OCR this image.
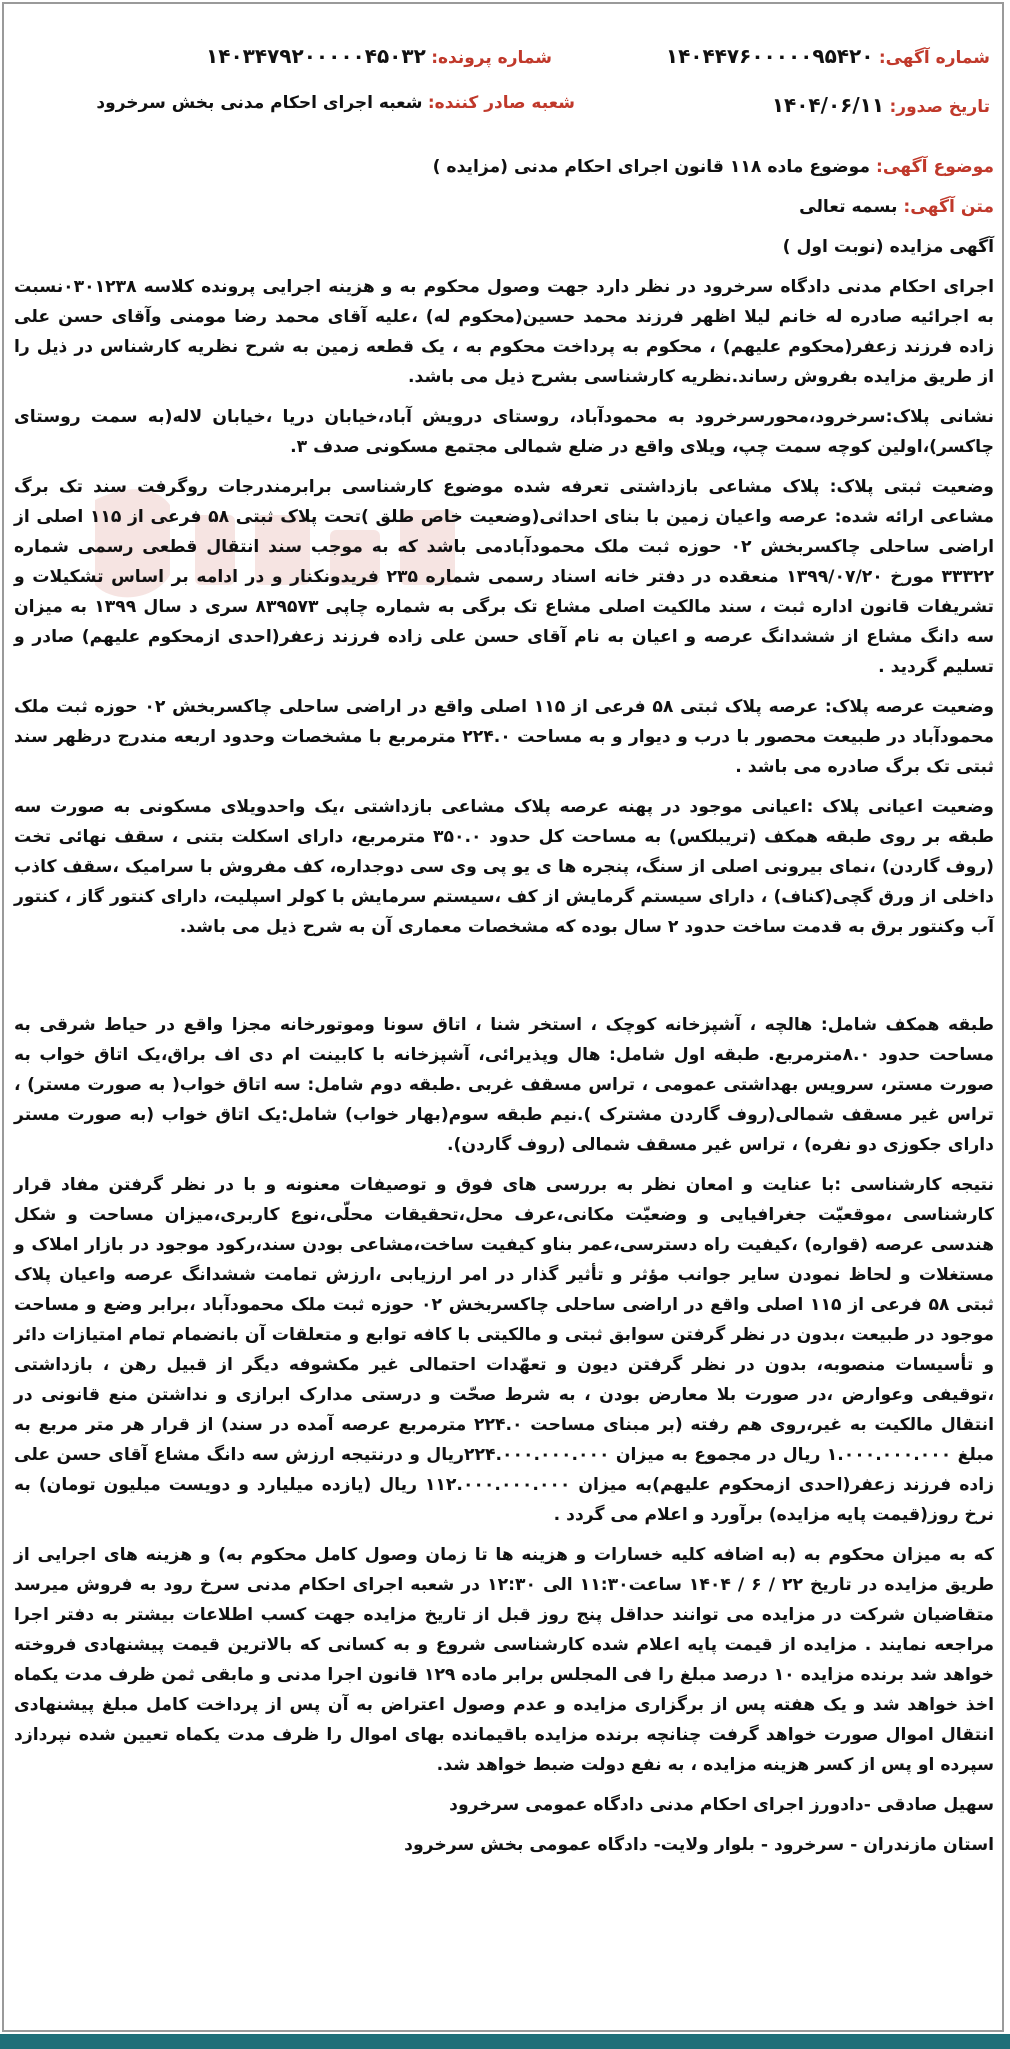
شماره آگهی: ۱۴۰۴۴۷۶۰۰۰۰۰۹۵۴۲۰
شماره پرونده: ۱۴۰۳۴۷۹۲۰۰۰۰۰۴۵۰۳۲
تاریخ صدور: ۱۴۰۴/۰۶/۱۱
شعبه صادر کننده: شعبه اجرای احکام مدنی بخش سرخرود

موضوع آگهی: موضوع ماده ۱۱۸ قانون اجرای احکام مدنی (مزایده )

متن آگهی: بسمه تعالی

آگهی مزایده (نوبت اول )

اجرای احکام مدنی دادگاه سرخرود در نظر دارد جهت وصول محکوم به و هزینه اجرایی پرونده کلاسه ۰۳۰۱۲۳۸نسبت به اجرائیه صادره له خانم لیلا اظهر فرزند محمد حسین(محکوم له) ،علیه آقای محمد رضا مومنی وآقای حسن علی زاده فرزند زعفر(محکوم علیهم) ، محکوم به پرداخت محکوم به ، یک قطعه زمین به شرح نظریه کارشناس در ذیل را از طریق مزایده بفروش رساند.نظریه کارشناسی بشرح ذیل می باشد.

نشانی پلاک:سرخرود،محورسرخرود به محمودآباد، روستای درویش آباد،خیابان دریا ،خیابان لاله(به سمت روستای چاکسر)،اولین کوچه سمت چپ، ویلای واقع در ضلع شمالی مجتمع مسکونی صدف ۳.

وضعیت ثبتی پلاک: پلاک مشاعی بازداشتی تعرفه شده موضوع کارشناسی برابرمندرجات روگرفت سند تک برگ مشاعی ارائه شده: عرصه واعیان زمین با بنای احداثی(وضعیت خاص طلق )تحت پلاک ثبتی ۵۸ فرعی از ۱۱۵ اصلی از اراضی ساحلی چاکسربخش ۰۲ حوزه ثبت ملک محمودآبادمی باشد که به موجب سند انتقال قطعی رسمی شماره ۳۳۳۲۲ مورخ ۱۳۹۹/۰۷/۲۰ منعقده در دفتر خانه اسناد رسمی شماره ۲۳۵ فریدونکنار و در ادامه بر اساس تشکیلات و تشریفات قانون اداره ثبت ، سند مالکیت اصلی مشاع تک برگی به شماره چاپی ۸۳۹۵۷۳ سری د سال ۱۳۹۹ به میزان سه دانگ مشاع از ششدانگ عرصه و اعیان به نام آقای حسن علی زاده فرزند زعفر(احدی ازمحکوم علیهم) صادر و تسلیم گردید .

وضعیت عرصه پلاک: عرصه پلاک ثبتی ۵۸ فرعی از ۱۱۵ اصلی واقع در اراضی ساحلی چاکسربخش ۰۲ حوزه ثبت ملک محمودآباد در طبیعت محصور با درب و دیوار و به مساحت ۲۲۴.۰ مترمربع با مشخصات وحدود اربعه مندرج درظهر سند ثبتی تک برگ صادره می باشد .

وضعیت اعیانی پلاک :اعیانی موجود در پهنه عرصه پلاک مشاعی بازداشتی ،یک واحدویلای مسکونی به صورت سه طبقه بر روی طبقه همکف (تریبلکس) به مساحت کل حدود ۳۵۰.۰ مترمربع، دارای اسکلت بتنی ، سقف نهائی تخت (روف گاردن) ،نمای بیرونی اصلی از سنگ، پنجره ها ی یو پی وی سی دوجداره، کف مفروش با سرامیک ،سقف کاذب داخلی از ورق گچی(کناف) ، دارای سیستم گرمایش از کف ،سیستم سرمایش با کولر اسپلیت، دارای کنتور گاز ، کنتور آب وکنتور برق به قدمت ساخت حدود ۲ سال بوده که مشخصات معماری آن به شرح ذیل می باشد.

طبقه همکف شامل: هالچه ، آشپزخانه کوچک ، استخر شنا ، اتاق سونا وموتورخانه مجزا واقع در حیاط شرقی به مساحت حدود ۸.۰مترمربع. طبقه اول شامل: هال وپذیرائی، آشپزخانه با کابینت ام دی اف براق،یک اتاق خواب به صورت مستر، سرویس بهداشتی عمومی ، تراس مسقف غربی .طبقه دوم شامل: سه اتاق خواب( به صورت مستر) ، تراس غیر مسقف شمالی(روف گاردن مشترک ).نیم طبقه سوم(بهار خواب) شامل:یک اتاق خواب (به صورت مستر دارای جکوزی دو نفره) ، تراس غیر مسقف شمالی (روف گاردن).

نتیجه کارشناسی :با عنایت و امعان نظر به بررسی های فوق و توصیفات معنونه و با در نظر گرفتن مفاد قرار کارشناسی ،موقعیّت جغرافیایی و وضعیّت مکانی،عرف محل،تحقیقات محلّی،نوع کاربری،میزان مساحت و شکل هندسی عرصه (قواره) ،کیفیت راه دسترسی،عمر بناو کیفیت ساخت،مشاعی بودن سند،رکود موجود در بازار املاک و مستغلات و لحاظ نمودن سایر جوانب مؤثر و تأثیر گذار در امر ارزیابی ،ارزش تمامت ششدانگ عرصه واعیان پلاک ثبتی ۵۸ فرعی از ۱۱۵ اصلی واقع در اراضی ساحلی چاکسربخش ۰۲ حوزه ثبت ملک محمودآباد ،برابر وضع و مساحت موجود در طبیعت ،بدون در نظر گرفتن سوابق ثبتی و مالکیتی با کافه توابع و متعلقات آن بانضمام تمام امتیازات دائر و تأسیسات منصوبه، بدون در نظر گرفتن دیون و تعهّدات احتمالی غیر مکشوفه دیگر از قبیل رهن ، بازداشتی ،توقیفی وعوارض ،در صورت بلا معارض بودن ، به شرط صحّت و درستی مدارک ابرازی و نداشتن منع قانونی در انتقال مالکیت به غیر،روی هم رفته (بر مبنای مساحت ۲۲۴.۰ مترمربع عرصه آمده در سند) از قرار هر متر مربع به مبلغ ۱.۰۰۰.۰۰۰.۰۰۰ ریال در مجموع به میزان ۲۲۴.۰۰۰.۰۰۰.۰۰۰ریال و درنتیجه ارزش سه دانگ مشاع آقای حسن علی زاده فرزند زعفر(احدی ازمحکوم علیهم)به میزان ۱۱۲.۰۰۰.۰۰۰.۰۰۰ ریال (یازده میلیارد و دویست میلیون تومان) به نرخ روز(قیمت پایه مزایده) برآورد و اعلام می گردد .

که به میزان محکوم به (به اضافه کلیه خسارات و هزینه ها تا زمان وصول کامل محکوم به) و هزینه های اجرایی از طریق مزایده در تاریخ ۲۲ / ۶ / ۱۴۰۴ ساعت۱۱:۳۰ الی ۱۲:۳۰ در شعبه اجرای احکام مدنی سرخ رود به فروش میرسد متقاضیان شرکت در مزایده می توانند حداقل پنج روز قبل از تاریخ مزایده جهت کسب اطلاعات بیشتر به دفتر اجرا مراجعه نمایند . مزایده از قیمت پایه اعلام شده کارشناسی شروع و به کسانی که بالاترین قیمت پیشنهادی فروخته خواهد شد برنده مزایده ۱۰ درصد مبلغ را فی المجلس برابر ماده ۱۲۹ قانون اجرا مدنی و مابقی ثمن ظرف مدت یکماه اخذ خواهد شد و یک هفته پس از برگزاری مزایده و عدم وصول اعتراض به آن پس از پرداخت کامل مبلغ پیشنهادی انتقال اموال صورت خواهد گرفت چنانچه برنده مزایده باقیمانده بهای اموال را ظرف مدت یکماه تعیین شده نپردازد سپرده او پس از کسر هزینه مزایده ، به نفع دولت ضبط خواهد شد.

سهیل صادقی -دادورز اجرای احکام مدنی دادگاه عمومی سرخرود

استان مازندران - سرخرود - بلوار ولایت- دادگاه عمومی بخش سرخرود
